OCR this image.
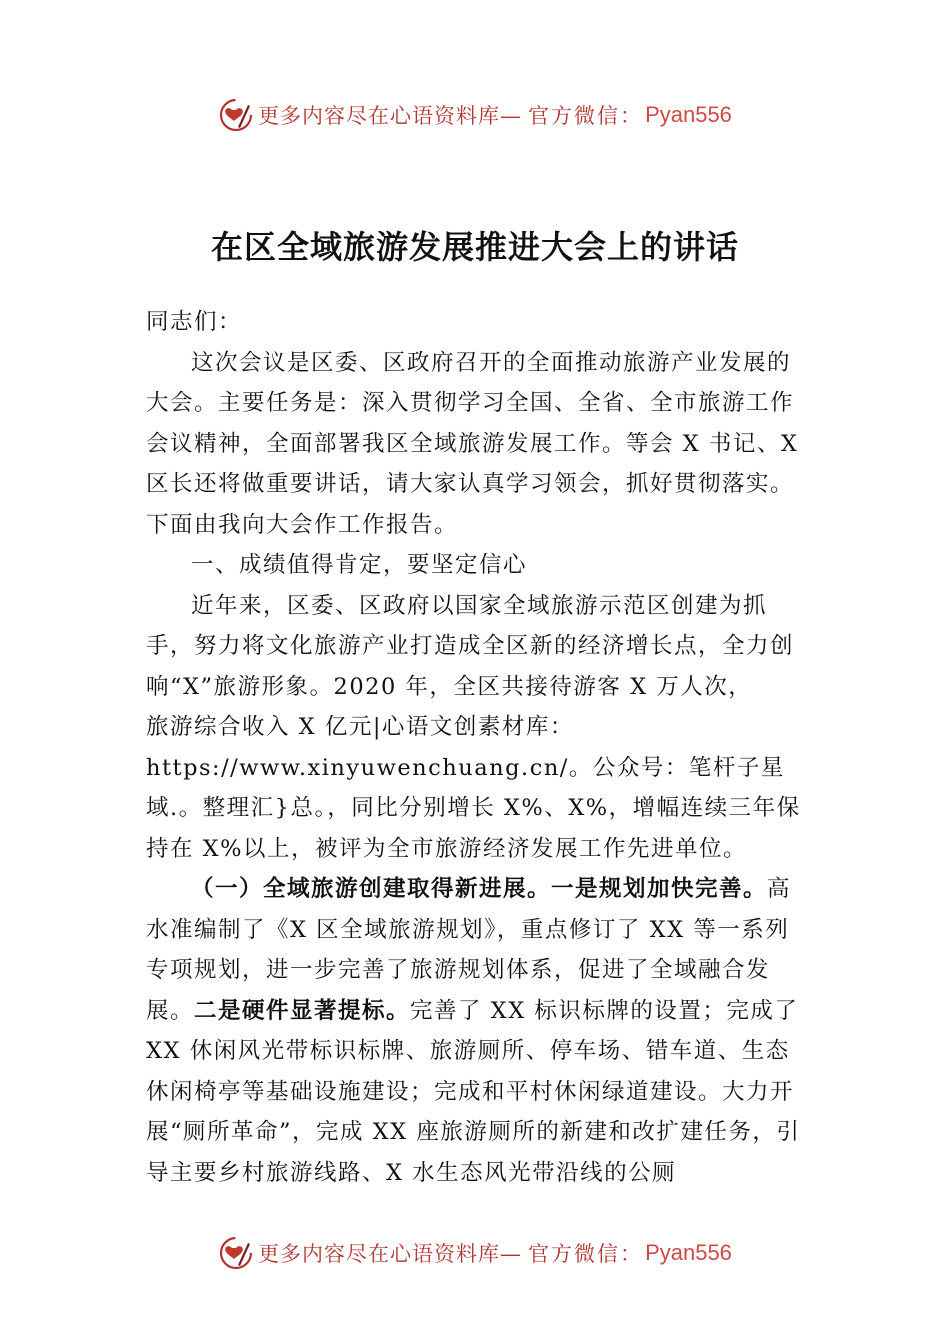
更多内容尽在心语资料库— 官方微信： Pyan556
在区全域旅游发展推进大会上的讲话

同志们：

这次会议是区委、区政府召开的全面推动旅游产业发展的大会。主要任务是：深入贯彻学习全国、全省、全市旅游工作会议精神，全面部署我区全域旅游发展工作。等会 X 书记、X 区长还将做重要讲话，请大家认真学习领会，抓好贯彻落实。下面由我向大会作工作报告。

一、成绩值得肯定，要坚定信心

近年来，区委、区政府以国家全域旅游示范区创建为抓手，努力将文化旅游产业打造成全区新的经济增长点，全力创响“X”旅游形象。2020 年，全区共接待游客 X 万人次，

旅游综合收入 X 亿元|心语文创素材库：

https://www.xinyuwenchuang.cn/。公众号：笔杆子星域.。整理汇}总。，同比分别增长 X%、X%，增幅连续三年保持在 X%以上，被评为全市旅游经济发展工作先进单位。

（一）全域旅游创建取得新进展。一是规划加快完善。高水准编制了《X 区全域旅游规划》，重点修订了 XX 等一系列专项规划，进一步完善了旅游规划体系，促进了全域融合发展。二是硬件显著提标。完善了 XX 标识标牌的设置；完成了 XX 休闲风光带标识标牌、旅游厕所、停车场、错车道、生态休闲椅亭等基础设施建设；完成和平村休闲绿道建设。大力开展“厕所革命”，完成 XX 座旅游厕所的新建和改扩建任务，引导主要乡村旅游线路、X 水生态风光带沿线的公厕

更多内容尽在心语资料库— 官方微信： Pyan556
